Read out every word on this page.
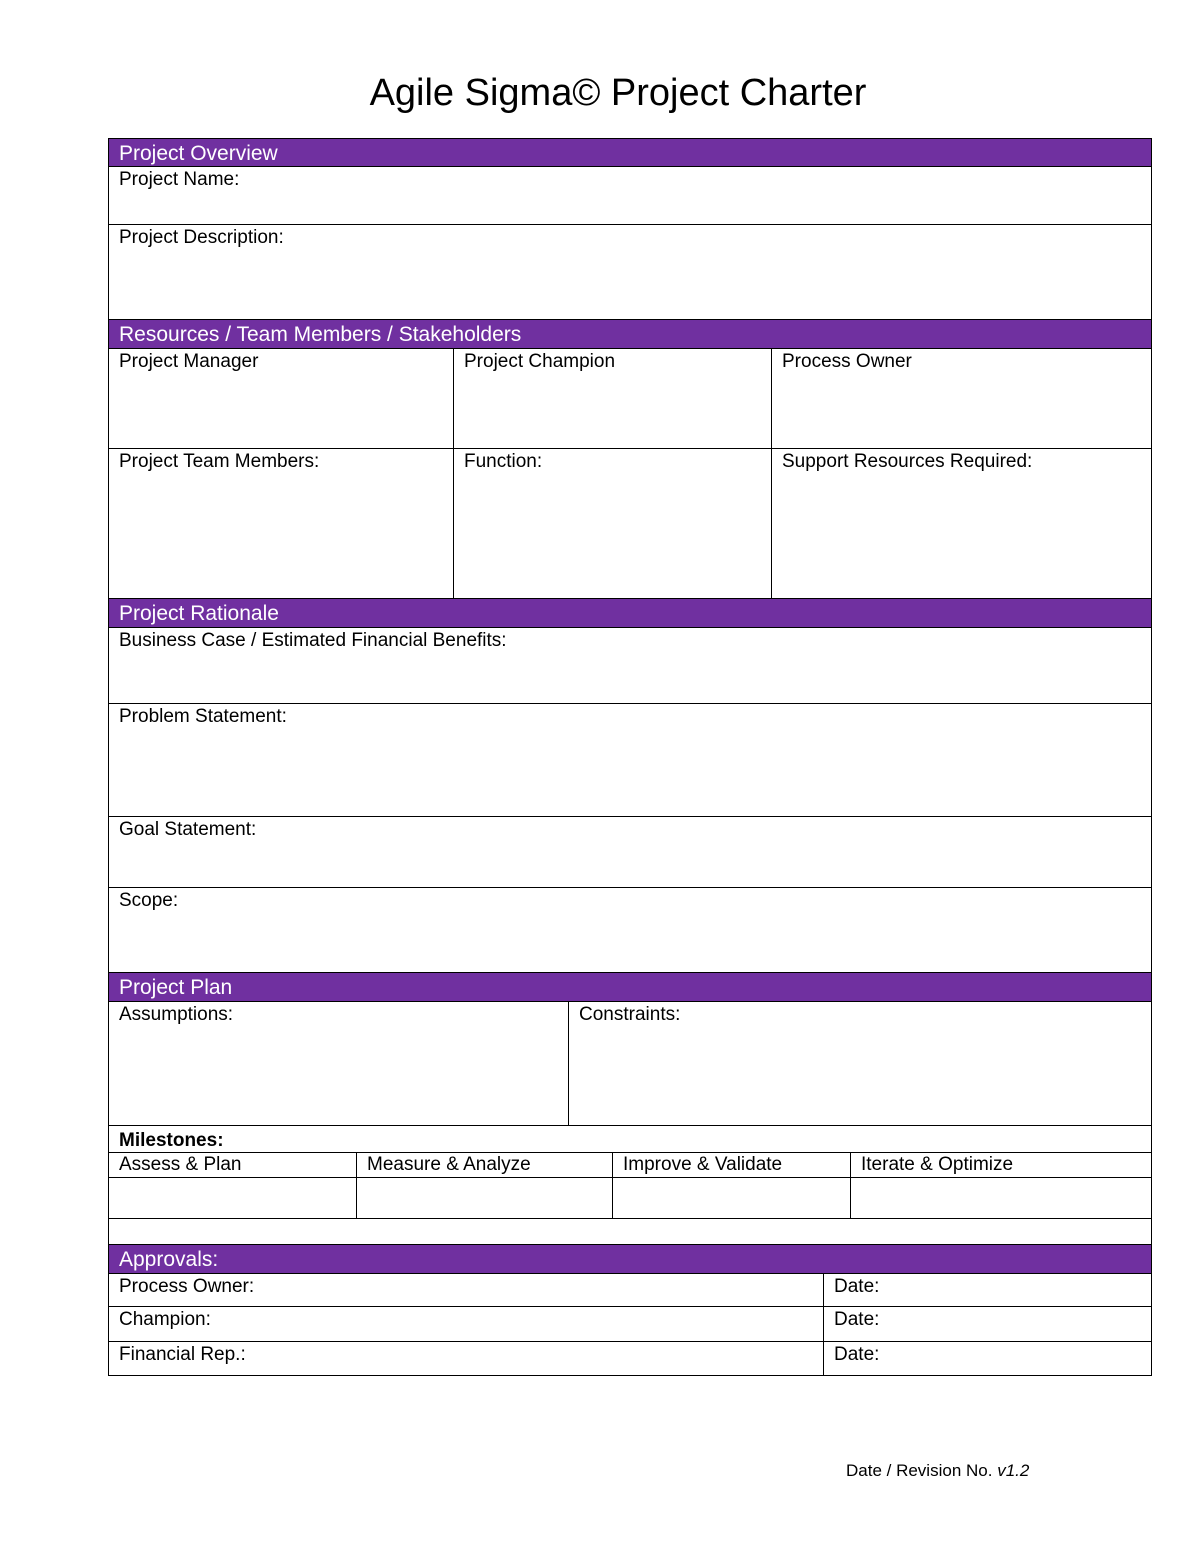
Agile Sigma© Project Charter
Project Overview
Project Name:
Project Description:
Resources / Team Members / Stakeholders
Project Manager	Project Champion	Process Owner
Project Team Members:	Function:	Support Resources Required:
Project Rationale
Business Case / Estimated Financial Benefits:
Problem Statement:
Goal Statement:
Scope:
Project Plan
Assumptions:	Constraints:
Milestones:
Assess & Plan	Measure & Analyze	Improve & Validate	Iterate & Optimize
Approvals:
Process Owner:	Date:
Champion:	Date:
Financial Rep.:	Date:
Date / Revision No. v1.2
